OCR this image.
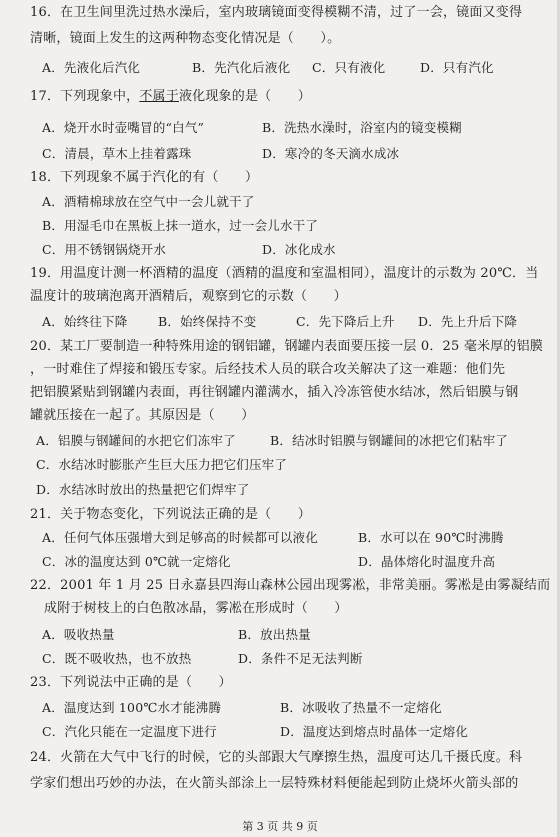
16．在卫生间里洗过热水澡后，室内玻璃镜面变得模糊不清，过了一会，镜面又变得
清晰，镜面上发生的这两种物态变化情况是（　　）。
A．先液化后汽化	B．先汽化后液化 C．只有液化	D．只有汽化
17．下列现象中，不属于液化现象的是（　　）
A．烧开水时壶嘴冒的“白气”	B．洗热水澡时，浴室内的镜变模糊
C．清晨，草木上挂着露珠	D．寒冷的冬天滴水成冰
18．下列现象不属于汽化的有（　　）
A．酒精棉球放在空气中一会儿就干了
B．用湿毛巾在黑板上抹一道水，过一会儿水干了
C．用不锈钢锅烧开水	D．冰化成水
19．用温度计测一杯酒精的温度（酒精的温度和室温相同），温度计的示数为 20℃．当
温度计的玻璃泡离开酒精后，观察到它的示数（　　）
A．始终往下降 B．始终保持不变	C．先下降后上升 D．先上升后下降
20．某工厂要制造一种特殊用途的钢铝罐，钢罐内表面要压接一层 0．25 毫米厚的铝膜
，一时难住了焊接和锻压专家。后经技术人员的联合攻关解决了这一难题：他们先
把铝膜紧贴到钢罐内表面，再往钢罐内灌满水，插入冷冻管使水结冰，然后铝膜与钢
罐就压接在一起了。其原因是（　　）
A．铝膜与钢罐间的水把它们冻牢了	B．结冰时铝膜与钢罐间的冰把它们粘牢了
C．水结冰时膨胀产生巨大压力把它们压牢了
D．水结冰时放出的热量把它们焊牢了
21．关于物态变化，下列说法正确的是（　　）
A．任何气体压强增大到足够高的时候都可以液化	B．水可以在 90℃时沸腾
C．冰的温度达到 0℃就一定熔化	D．晶体熔化时温度升高
22．2001 年 1 月 25 日永嘉县四海山森林公园出现雾凇，非常美丽。雾凇是由雾凝结而
成附于树枝上的白色散冰晶，雾凇在形成时（　　）
A．吸收热量	B．放出热量
C．既不吸收热，也不放热	D．条件不足无法判断
23．下列说法中正确的是（　　）
A．温度达到 100℃水才能沸腾	B．冰吸收了热量不一定熔化
C．汽化只能在一定温度下进行	D．温度达到熔点时晶体一定熔化
24．火箭在大气中飞行的时候，它的头部跟大气摩擦生热，温度可达几千摄氏度。科
学家们想出巧妙的办法，在火箭头部涂上一层特殊材料便能起到防止烧坏火箭头部的
第 3 页 共 9 页
